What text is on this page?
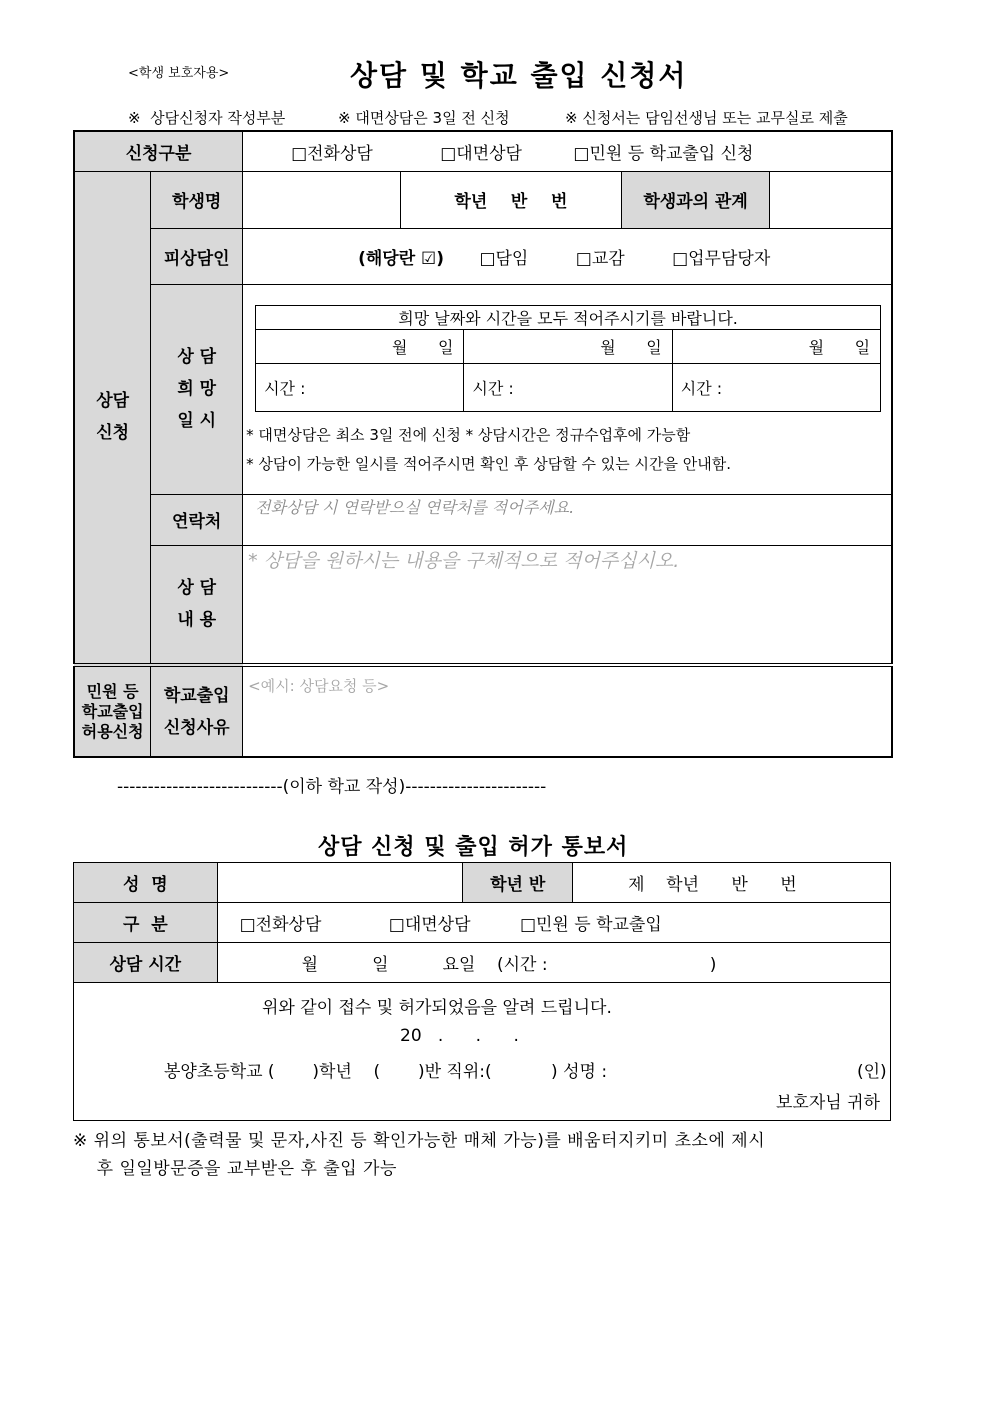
<학생 보호자용>	상담 및 학교 출입 신청서
※  상담신청자 작성부분	※ 대면상담은 3일 전 신청	※ 신청서는 담임선생님 또는 교무실로 제출
신청구분	□전화상담	□대면상담	□민원 등 학교출입 신청
상담
신청	학생명		학년    반    번	학생과의 관계	
피상담인	(해당란 ☑) □담임	□교감	□업무담당자
상 담
희 망
일 시	
희망 날짜와 시간을 모두 적어주시기를 바랍니다.
월      일	월      일	월      일
시간 :	시간 :	시간 :
* 대면상담은 최소 3일 전에 신청 * 상담시간은 정규수업후에 가능함
* 상담이 가능한 일시를 적어주시면 확인 후 상담할 수 있는 시간을 안내함.

연락처	전화상담 시 연락받으실 연락처를 적어주세요.
상 담
내 용	* 상담을 원하시는 내용을 구체적으로 적어주십시오.
민원 등
학교출입
허용신청	학교출입
신청사유	<예시: 상담요청 등>
---------------------------(이하 학교 작성)-----------------------
상담 신청 및 출입 허가 통보서
성  명		학년 반	제    학년      반      번
구  분	□전화상담 □대면상담 □민원 등 학교출입		
상담 시간	월          일          요일    (시간 :                              )		

위와 같이 접수 및 허가되었음을 알려 드립니다.
20   .      .      .
봉양초등학교 (       )학년    (       )반 직위:(           ) 성명 : (인)
보호자님 귀하			
※ 위의 통보서(출력물 및 문자,사진 등 확인가능한 매체 가능)를 배움터지키미 초소에 제시
후 일일방문증을 교부받은 후 출입 가능
